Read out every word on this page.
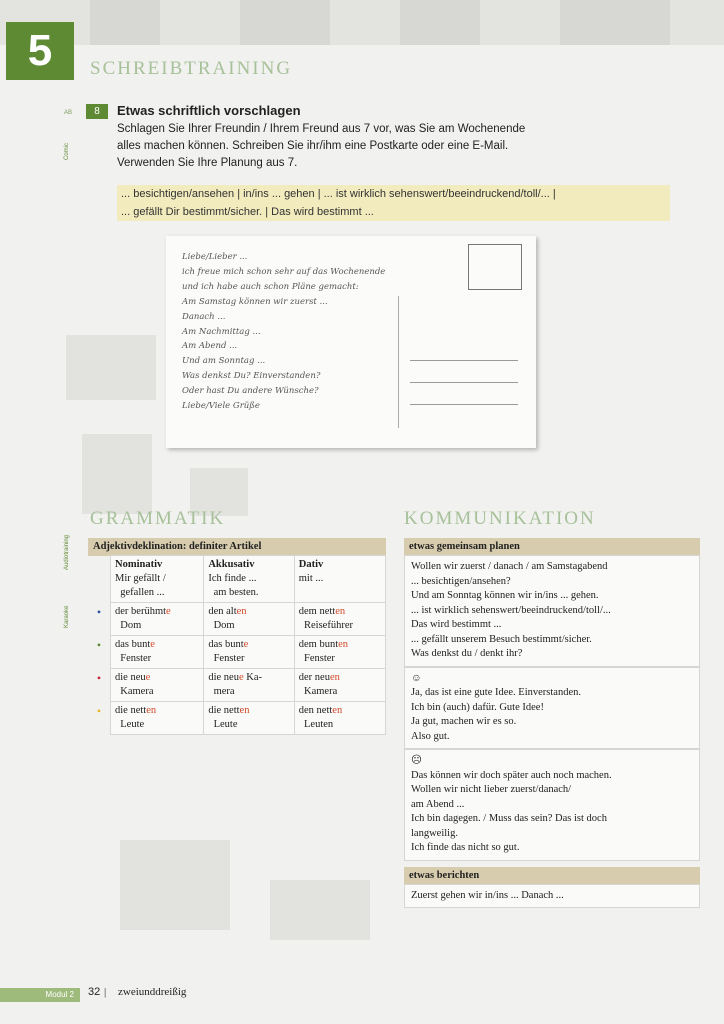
5	SCHREIBTRAINING
AB	8	Etwas schriftlich vorschlagen
Comic
Schlagen Sie Ihrer Freundin / Ihrem Freund aus 7 vor, was Sie am Wochenende
alles machen können. Schreiben Sie ihr/ihm eine Postkarte oder eine E-Mail.
Verwenden Sie Ihre Planung aus 7.
... besichtigen/ansehen | in/ins ... gehen | ... ist wirklich sehenswert/beeindruckend/toll/... |
... gefällt Dir bestimmt/sicher. | Das wird bestimmt ...
Liebe/Lieber ...
ich freue mich schon sehr auf das Wochenende
und ich habe auch schon Pläne gemacht:
Am Samstag können wir zuerst ...
Danach ...
Am Nachmittag ...
Am Abend ...
Und am Sonntag ...
Was denkst Du? Einverstanden?
Oder hast Du andere Wünsche?
Liebe/Viele Grüße
GRAMMATIK
Audiotraining
Karaoke
Adjektivdeklination: definiter Artikel			
	Nominativ
Mir gefällt /
gefallen ...	Akkusativ
Ich finde ...
am besten.	Dativ
mit ...
•	der berühmte
Dom	den alten
Dom	dem netten
Reiseführer
•	das bunte
Fenster	das bunte
Fenster	dem bunten
Fenster
•	die neue
Kamera	die neue Ka-
mera	der neuen
Kamera
•	die netten
Leute	die netten
Leute	den netten
Leuten
KOMMUNIKATION
etwas gemeinsam planen
Wollen wir zuerst / danach / am Samstagabend
... besichtigen/ansehen?
Und am Sonntag können wir in/ins ... gehen.
... ist wirklich sehenswert/beeindruckend/toll/...
Das wird bestimmt ...
... gefällt unserem Besuch bestimmt/sicher.
Was denkst du / denkt ihr?
☺
Ja, das ist eine gute Idee. Einverstanden.
Ich bin (auch) dafür. Gute Idee!
Ja gut, machen wir es so.
Also gut.
☹
Das können wir doch später auch noch machen.
Wollen wir nicht lieber zuerst/danach/
am Abend ...
Ich bin dagegen. / Muss das sein? Das ist doch
langweilig.
Ich finde das nicht so gut.
etwas berichten
Zuerst gehen wir in/ins ... Danach ...
Modul 2	32 | zweiunddreißig
